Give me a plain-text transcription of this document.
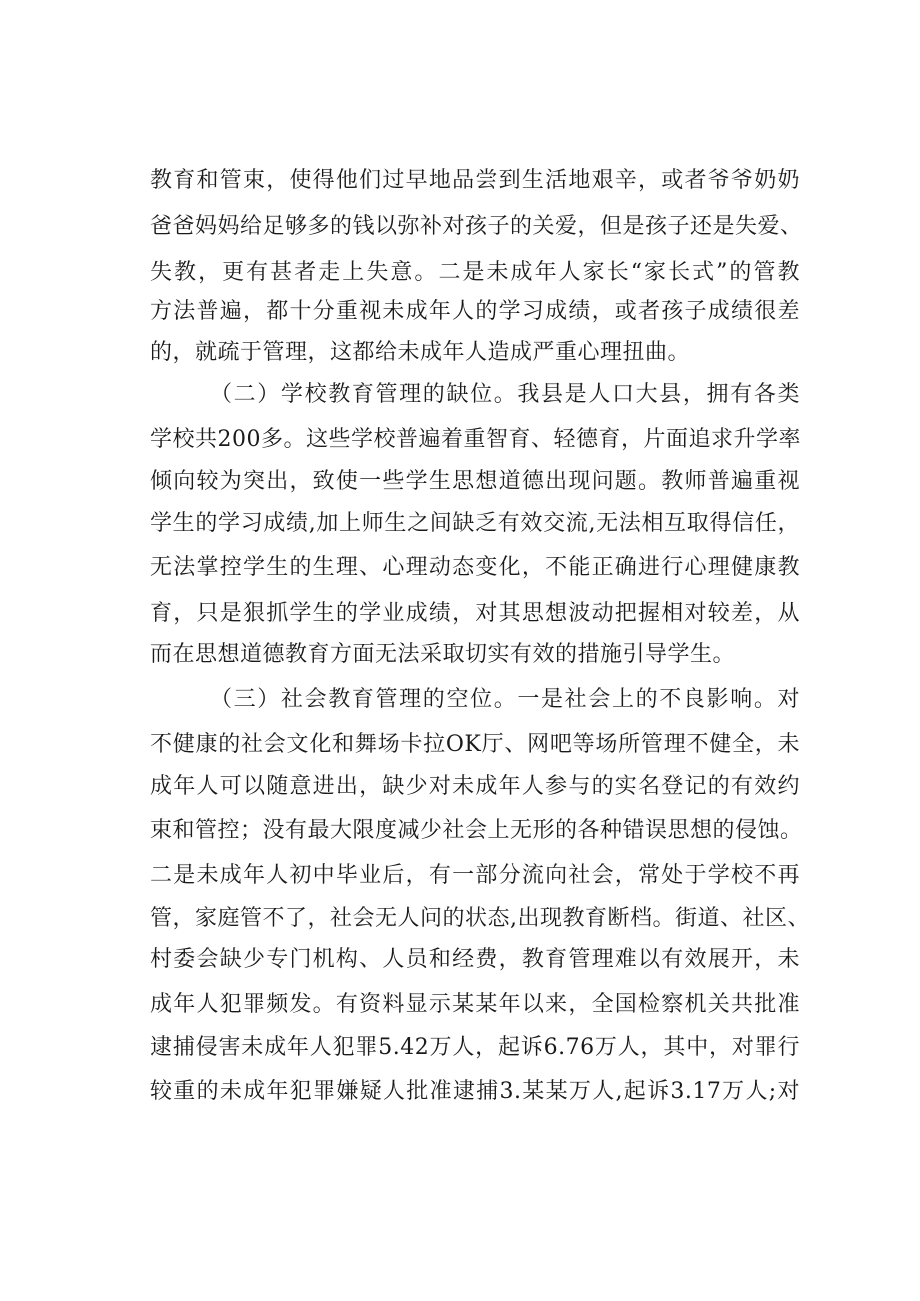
教育和管束，使得他们过早地品尝到生活地艰辛，或者爷爷奶奶
爸爸妈妈给足够多的钱以弥补对孩子的关爱，但是孩子还是失爱、
失教，更有甚者走上失意。二是未成年人家长“家长式”的管教
方法普遍，都十分重视未成年人的学习成绩，或者孩子成绩很差
的，就疏于管理，这都给未成年人造成严重心理扭曲。
（二）学校教育管理的缺位。我县是人口大县，拥有各类
学校共200多。这些学校普遍着重智育、轻德育，片面追求升学率
倾向较为突出，致使一些学生思想道德出现问题。教师普遍重视
学生的学习成绩,加上师生之间缺乏有效交流,无法相互取得信任，
无法掌控学生的生理、心理动态变化，不能正确进行心理健康教
育，只是狠抓学生的学业成绩，对其思想波动把握相对较差，从
而在思想道德教育方面无法采取切实有效的措施引导学生。
（三）社会教育管理的空位。一是社会上的不良影响。对
不健康的社会文化和舞场卡拉OK厅、网吧等场所管理不健全，未
成年人可以随意进出，缺少对未成年人参与的实名登记的有效约
束和管控；没有最大限度减少社会上无形的各种错误思想的侵蚀。
二是未成年人初中毕业后，有一部分流向社会，常处于学校不再
管，家庭管不了，社会无人问的状态,出现教育断档。街道、社区、
村委会缺少专门机构、人员和经费，教育管理难以有效展开，未
成年人犯罪频发。有资料显示某某年以来，全国检察机关共批准
逮捕侵害未成年人犯罪5.42万人，起诉6.76万人，其中，对罪行
较重的未成年犯罪嫌疑人批准逮捕3.某某万人,起诉3.17万人;对
